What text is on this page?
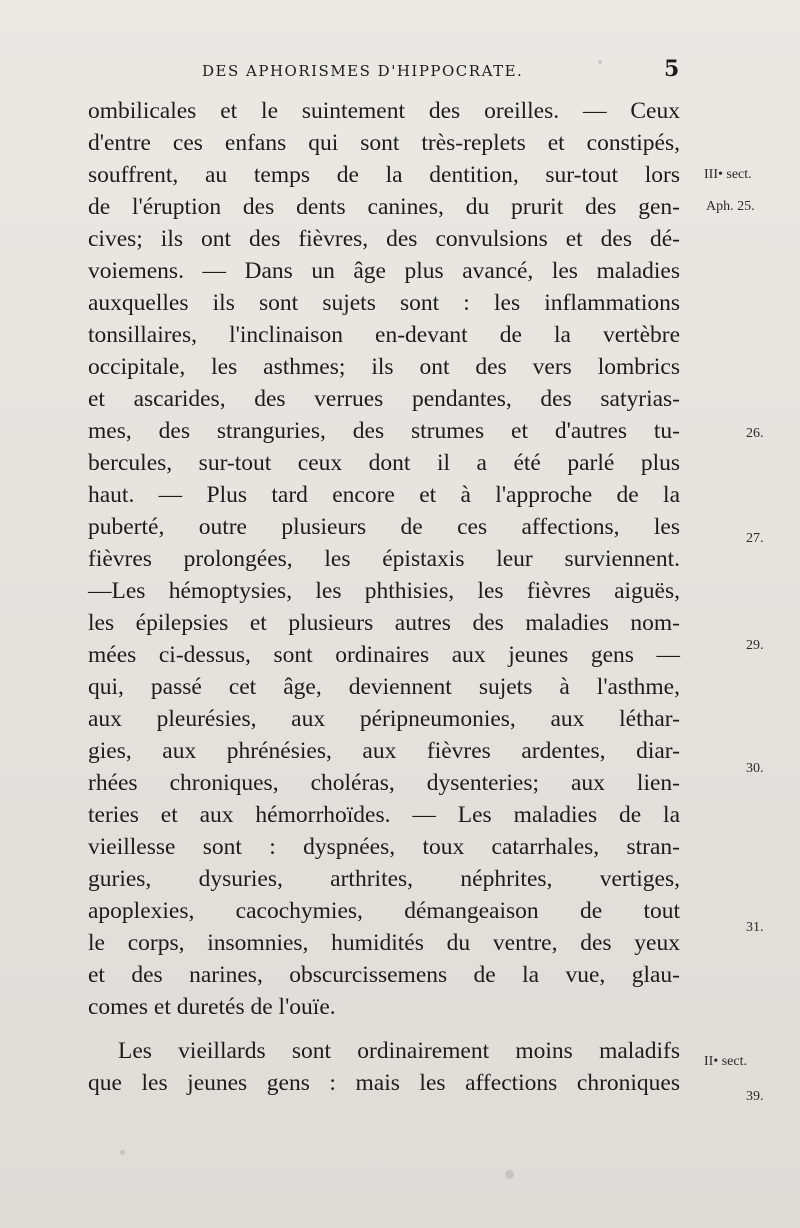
DES APHORISMES D'HIPPOCRATE.	5
ombilicales et le suintement des oreilles. — Ceux
d'entre ces enfans qui sont très-replets et constipés,
souffrent, au temps de la dentition, sur-tout lors
de l'éruption des dents canines, du prurit des gen-
cives; ils ont des fièvres, des convulsions et des dé-
voiemens. — Dans un âge plus avancé, les maladies
auxquelles ils sont sujets sont : les inflammations
tonsillaires, l'inclinaison en-devant de la vertèbre
occipitale, les asthmes; ils ont des vers lombrics
et ascarides, des verrues pendantes, des satyrias-
mes, des stranguries, des strumes et d'autres tu-
bercules, sur-tout ceux dont il a été parlé plus
haut. — Plus tard encore et à l'approche de la
puberté, outre plusieurs de ces affections, les
fièvres prolongées, les épistaxis leur surviennent.
—Les hémoptysies, les phthisies, les fièvres aiguës,
les épilepsies et plusieurs autres des maladies nom-
mées ci-dessus, sont ordinaires aux jeunes gens —
qui, passé cet âge, deviennent sujets à l'asthme,
aux pleurésies, aux péripneumonies, aux léthar-
gies, aux phrénésies, aux fièvres ardentes, diar-
rhées chroniques, choléras, dysenteries; aux lien-
teries et aux hémorrhoïdes. — Les maladies de la
vieillesse sont : dyspnées, toux catarrhales, stran-
guries, dysuries, arthrites, néphrites, vertiges,
apoplexies, cacochymies, démangeaison de tout
le corps, insomnies, humidités du ventre, des yeux
et des narines, obscurcissemens de la vue, glau-
comes et duretés de l'ouïe.
Les vieillards sont ordinairement moins maladifs
que les jeunes gens : mais les affections chroniques
III• sect.
Aph. 25.
26.
27.
29.
30.
31.
II• sect.
39.
